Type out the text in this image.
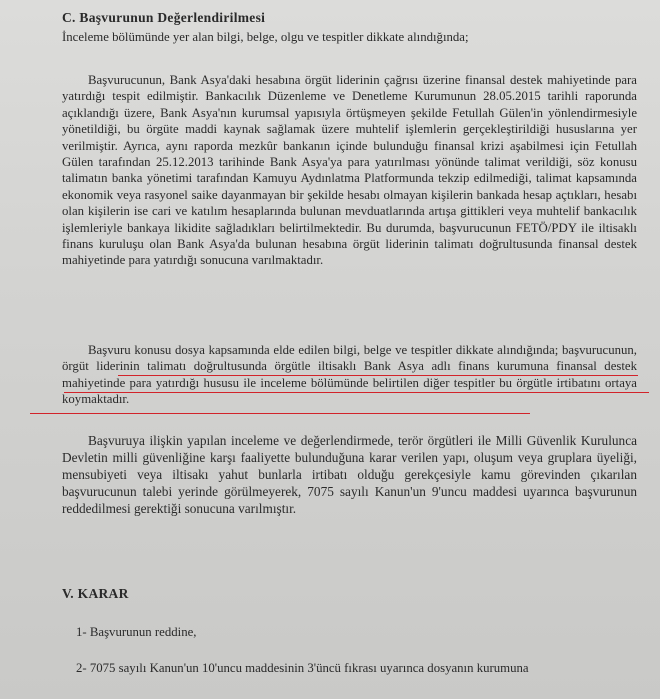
C. Başvurunun Değerlendirilmesi
İnceleme bölümünde yer alan bilgi, belge, olgu ve tespitler dikkate alındığında;

Başvurucunun, Bank Asya'daki hesabına örgüt liderinin çağrısı üzerine finansal destek mahiyetinde para yatırdığı tespit edilmiştir. Bankacılık Düzenleme ve Denetleme Kurumunun 28.05.2015 tarihli raporunda açıklandığı üzere, Bank Asya'nın kurumsal yapısıyla örtüşmeyen şekilde Fetullah Gülen'in yönlendirmesiyle yönetildiği, bu örgüte maddi kaynak sağlamak üzere muhtelif işlemlerin gerçekleştirildiği hususlarına yer verilmiştir. Ayrıca, aynı raporda mezkûr bankanın içinde bulunduğu finansal krizi aşabilmesi için Fetullah Gülen tarafından 25.12.2013 tarihinde Bank Asya'ya para yatırılması yönünde talimat verildiği, söz konusu talimatın banka yönetimi tarafından Kamuyu Aydınlatma Platformunda tekzip edilmediği, talimat kapsamında ekonomik veya rasyonel saike dayanmayan bir şekilde hesabı olmayan kişilerin bankada hesap açtıkları, hesabı olan kişilerin ise cari ve katılım hesaplarında bulunan mevduatlarında artışa gittikleri veya muhtelif bankacılık işlemleriyle bankaya likidite sağladıkları belirtilmektedir. Bu durumda, başvurucunun FETÖ/PDY ile iltisaklı finans kuruluşu olan Bank Asya'da bulunan hesabına örgüt liderinin talimatı doğrultusunda finansal destek mahiyetinde para yatırdığı sonucuna varılmaktadır.

Başvuru konusu dosya kapsamında elde edilen bilgi, belge ve tespitler dikkate alındığında; başvurucunun, örgüt liderinin talimatı doğrultusunda örgütle iltisaklı Bank Asya adlı finans kurumuna finansal destek mahiyetinde para yatırdığı hususu ile inceleme bölümünde belirtilen diğer tespitler bu örgütle irtibatını ortaya koymaktadır.

Başvuruya ilişkin yapılan inceleme ve değerlendirmede, terör örgütleri ile Milli Güvenlik Kurulunca Devletin milli güvenliğine karşı faaliyette bulunduğuna karar verilen yapı, oluşum veya gruplara üyeliği, mensubiyeti veya iltisakı yahut bunlarla irtibatı olduğu gerekçesiyle kamu görevinden çıkarılan başvurucunun talebi yerinde görülmeyerek, 7075 sayılı Kanun'un 9'uncu maddesi uyarınca başvurunun reddedilmesi gerektiği sonucuna varılmıştır.

V. KARAR
1- Başvurunun reddine,
2- 7075 sayılı Kanun'un 10'uncu maddesinin 3'üncü fıkrası uyarınca dosyanın kurumuna
